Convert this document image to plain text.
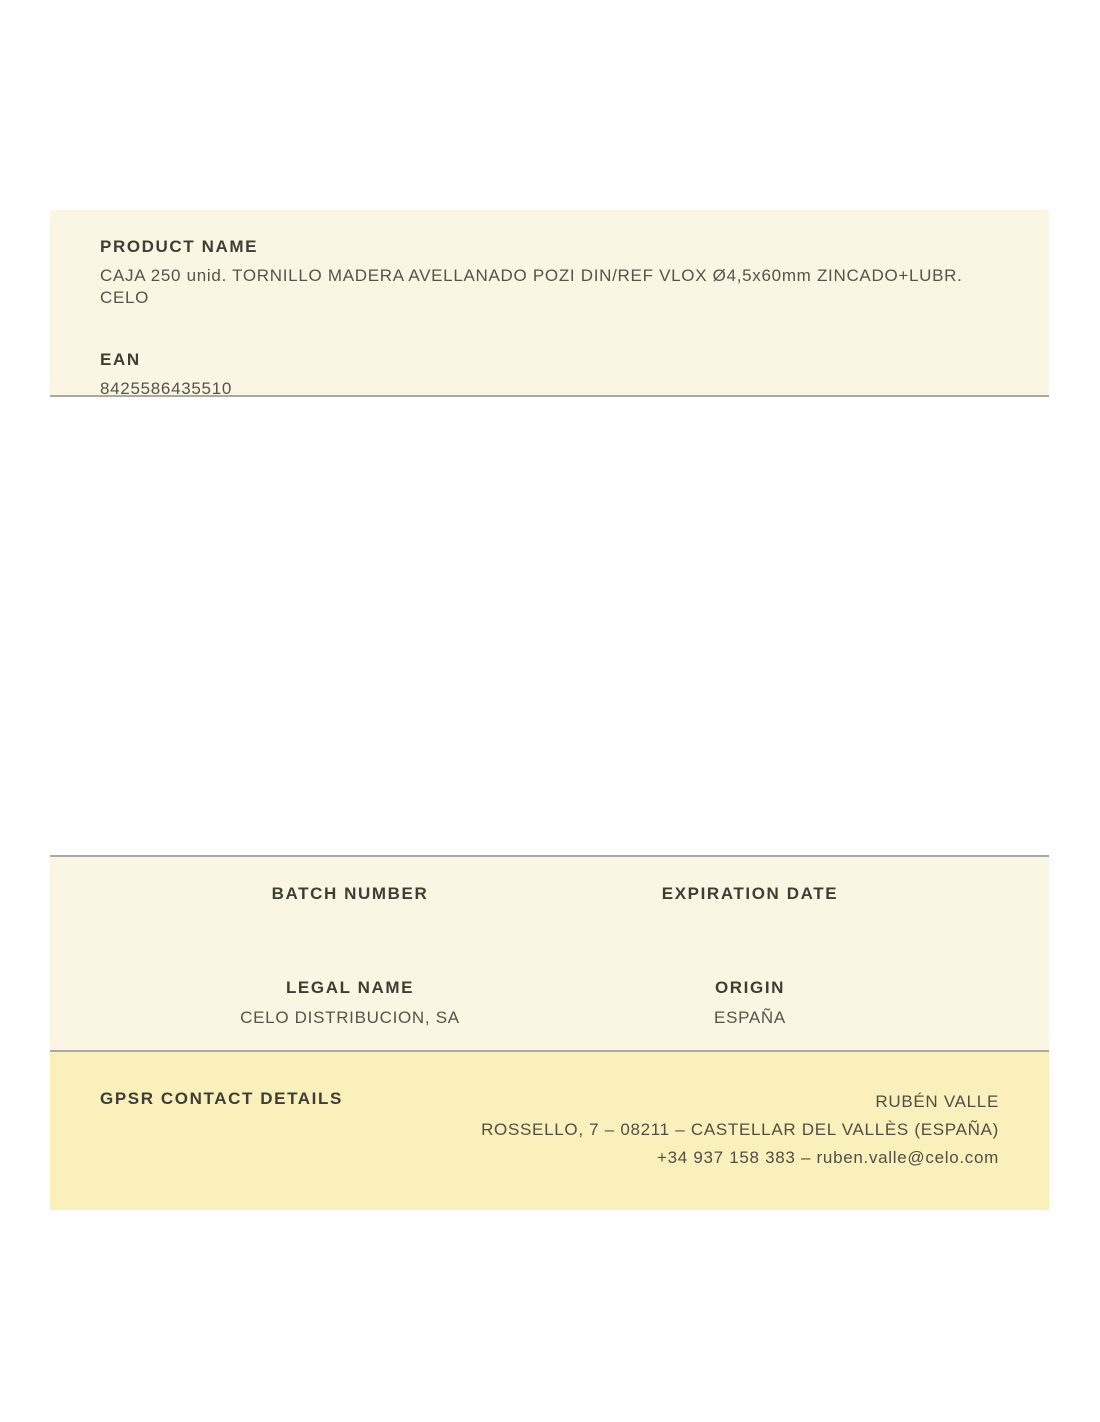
PRODUCT NAME
CAJA 250 unid. TORNILLO MADERA AVELLANADO POZI DIN/REF VLOX Ø4,5x60mm ZINCADO+LUBR. CELO
EAN
8425586435510
BATCH NUMBER	EXPIRATION DATE
LEGAL NAME
CELO DISTRIBUCION, SA
ORIGIN
ESPAÑA
GPSR CONTACT DETAILS	RUBÉN VALLE
ROSSELLO, 7 – 08211 – CASTELLAR DEL VALLÈS (ESPAÑA)
+34 937 158 383 – ruben.valle@celo.com
